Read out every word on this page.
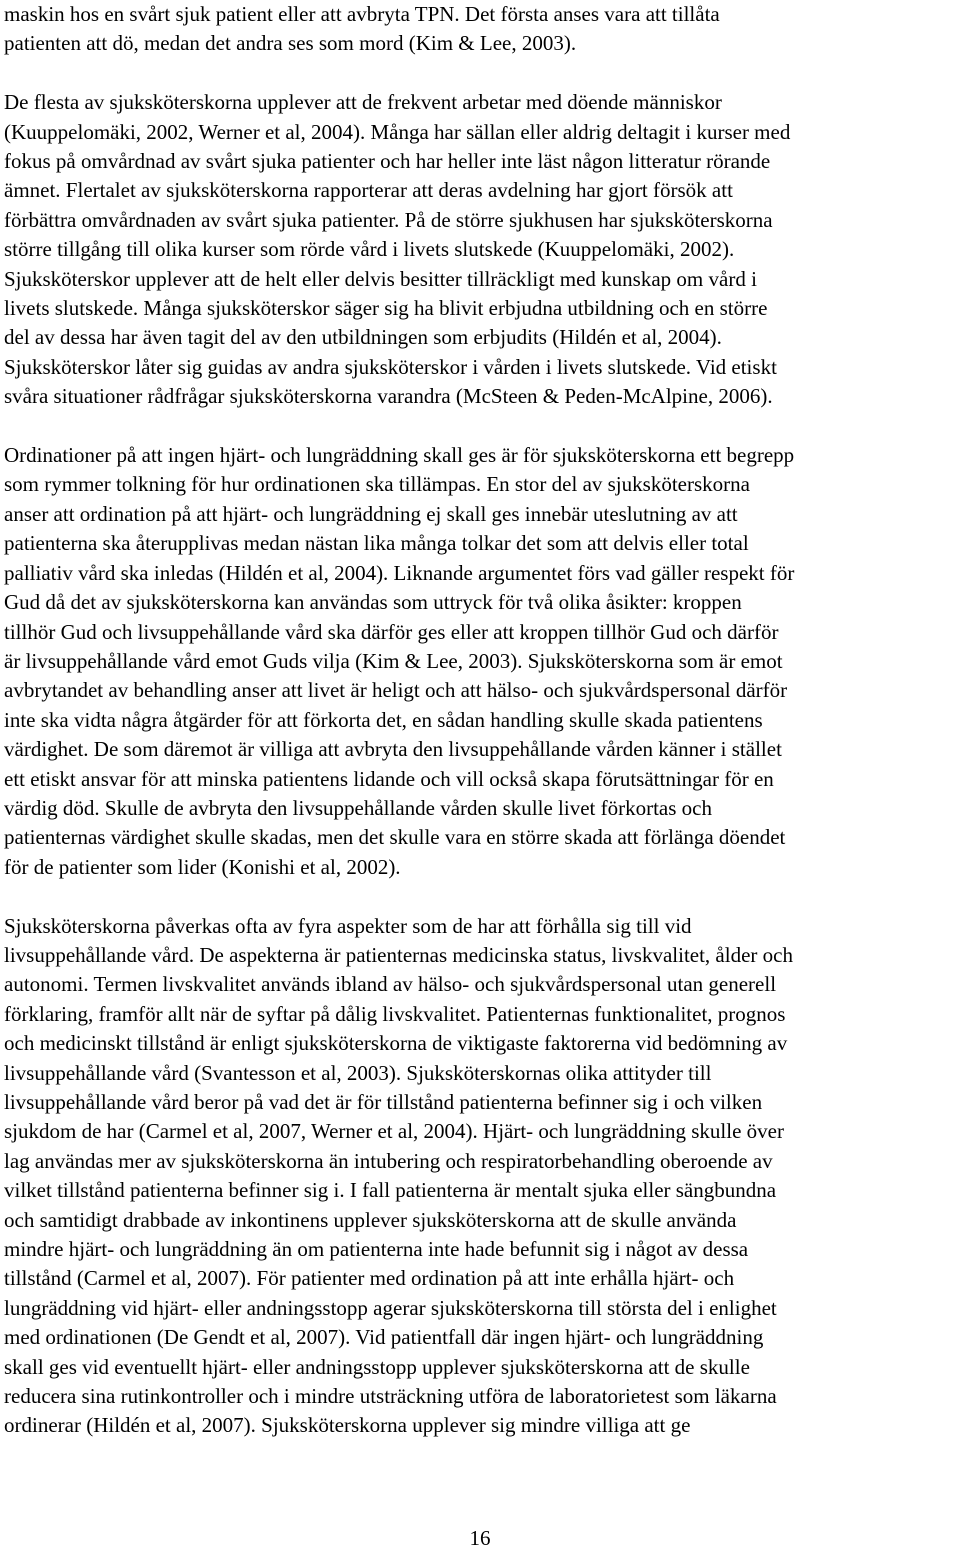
maskin hos en svårt sjuk patient eller att avbryta TPN. Det första anses vara att tillåta
patienten att dö, medan det andra ses som mord (Kim & Lee, 2003).

De flesta av sjuksköterskorna upplever att de frekvent arbetar med döende människor
(Kuuppelomäki, 2002, Werner et al, 2004). Många har sällan eller aldrig deltagit i kurser med
fokus på omvårdnad av svårt sjuka patienter och har heller inte läst någon litteratur rörande
ämnet. Flertalet av sjuksköterskorna rapporterar att deras avdelning har gjort försök att
förbättra omvårdnaden av svårt sjuka patienter. På de större sjukhusen har sjuksköterskorna
större tillgång till olika kurser som rörde vård i livets slutskede (Kuuppelomäki, 2002).
Sjuksköterskor upplever att de helt eller delvis besitter tillräckligt med kunskap om vård i
livets slutskede. Många sjuksköterskor säger sig ha blivit erbjudna utbildning och en större
del av dessa har även tagit del av den utbildningen som erbjudits (Hildén et al, 2004).
Sjuksköterskor låter sig guidas av andra sjuksköterskor i vården i livets slutskede. Vid etiskt
svåra situationer rådfrågar sjuksköterskorna varandra (McSteen & Peden-McAlpine, 2006).

Ordinationer på att ingen hjärt- och lungräddning skall ges är för sjuksköterskorna ett begrepp
som rymmer tolkning för hur ordinationen ska tillämpas. En stor del av sjuksköterskorna
anser att ordination på att hjärt- och lungräddning ej skall ges innebär uteslutning av att
patienterna ska återupplivas medan nästan lika många tolkar det som att delvis eller total
palliativ vård ska inledas (Hildén et al, 2004). Liknande argumentet förs vad gäller respekt för
Gud då det av sjuksköterskorna kan användas som uttryck för två olika åsikter: kroppen
tillhör Gud och livsuppehållande vård ska därför ges eller att kroppen tillhör Gud och därför
är livsuppehållande vård emot Guds vilja (Kim & Lee, 2003). Sjuksköterskorna som är emot
avbrytandet av behandling anser att livet är heligt och att hälso- och sjukvårdspersonal därför
inte ska vidta några åtgärder för att förkorta det, en sådan handling skulle skada patientens
värdighet. De som däremot är villiga att avbryta den livsuppehållande vården känner i stället
ett etiskt ansvar för att minska patientens lidande och vill också skapa förutsättningar för en
värdig död. Skulle de avbryta den livsuppehållande vården skulle livet förkortas och
patienternas värdighet skulle skadas, men det skulle vara en större skada att förlänga döendet
för de patienter som lider (Konishi et al, 2002).

Sjuksköterskorna påverkas ofta av fyra aspekter som de har att förhålla sig till vid
livsuppehållande vård. De aspekterna är patienternas medicinska status, livskvalitet, ålder och
autonomi. Termen livskvalitet används ibland av hälso- och sjukvårdspersonal utan generell
förklaring, framför allt när de syftar på dålig livskvalitet. Patienternas funktionalitet, prognos
och medicinskt tillstånd är enligt sjuksköterskorna de viktigaste faktorerna vid bedömning av
livsuppehållande vård (Svantesson et al, 2003). Sjuksköterskornas olika attityder till
livsuppehållande vård beror på vad det är för tillstånd patienterna befinner sig i och vilken
sjukdom de har (Carmel et al, 2007, Werner et al, 2004). Hjärt- och lungräddning skulle över
lag användas mer av sjuksköterskorna än intubering och respiratorbehandling oberoende av
vilket tillstånd patienterna befinner sig i. I fall patienterna är mentalt sjuka eller sängbundna
och samtidigt drabbade av inkontinens upplever sjuksköterskorna att de skulle använda
mindre hjärt- och lungräddning än om patienterna inte hade befunnit sig i något av dessa
tillstånd (Carmel et al, 2007). För patienter med ordination på att inte erhålla hjärt- och
lungräddning vid hjärt- eller andningsstopp agerar sjuksköterskorna till största del i enlighet
med ordinationen (De Gendt et al, 2007). Vid patientfall där ingen hjärt- och lungräddning
skall ges vid eventuellt hjärt- eller andningsstopp upplever sjuksköterskorna att de skulle
reducera sina rutinkontroller och i mindre utsträckning utföra de laboratorietest som läkarna
ordinerar (Hildén et al, 2007). Sjuksköterskorna upplever sig mindre villiga att ge

16
